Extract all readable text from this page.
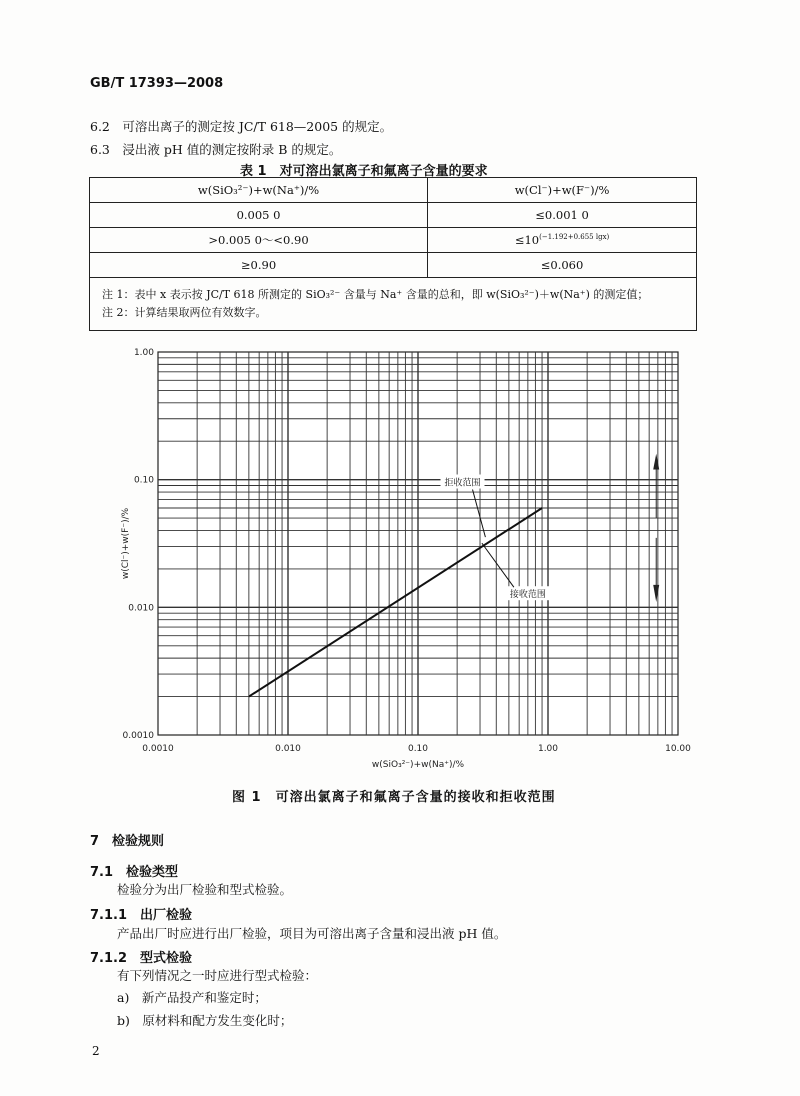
GB/T 17393—2008
6.2　可溶出离子的测定按 JC/T 618—2005 的规定。
6.3　浸出液 pH 值的测定按附录 B 的规定。
表 1　对可溶出氯离子和氟离子含量的要求
w(SiO₃²⁻)+w(Na⁺)/%	w(Cl⁻)+w(F⁻)/%
0.005 0	≤0.001 0
>0.005 0～<0.90	$\le 10^{(-1.192+0.655 lgx)}$
≥0.90	≤0.060

注 1：表中 x 表示按 JC/T 618 所测定的 SiO₃²⁻ 含量与 Na⁺ 含量的总和，即 w(SiO₃²⁻)＋w(Na⁺) 的测定值；
注 2：计算结果取两位有效数字。	
0.0010	0.010	0.10	1.00	10.00
0.0010
0.010
0.10
1.00
w(SiO₃²⁻)+w(Na⁺)/%
w(Cl⁻)+w(F⁻)/%
拒收范围
接收范围
图 1　可溶出氯离子和氟离子含量的接收和拒收范围
7　检验规则
7.1　检验类型
检验分为出厂检验和型式检验。
7.1.1　出厂检验
产品出厂时应进行出厂检验，项目为可溶出离子含量和浸出液 pH 值。
7.1.2　型式检验
有下列情况之一时应进行型式检验：
a)　新产品投产和鉴定时；
b)　原材料和配方发生变化时；
2
